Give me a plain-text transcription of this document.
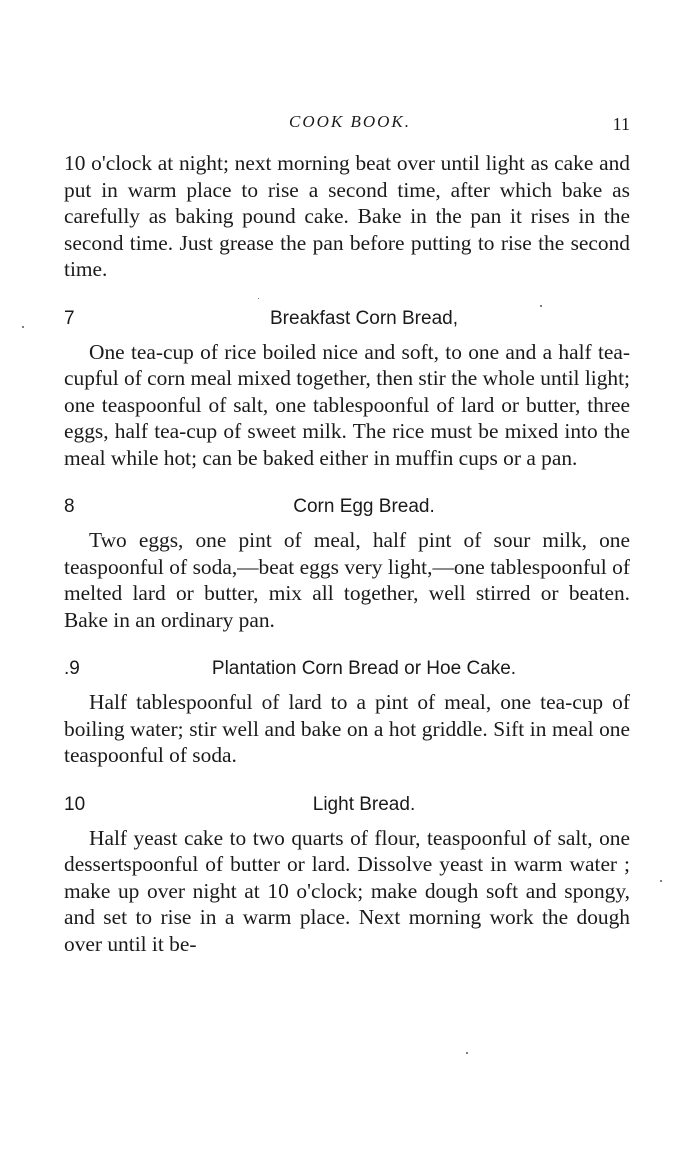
COOK BOOK.	11

10 o'clock at night; next morning beat over until light as cake and put in warm place to rise a second time, after which bake as carefully as baking pound cake. Bake in the pan it rises in the second time. Just grease the pan before putting to rise the second time.

7	Breakfast Corn Bread,

One tea-cup of rice boiled nice and soft, to one and a half tea-cupful of corn meal mixed together, then stir the whole until light; one teaspoonful of salt, one tablespoonful of lard or butter, three eggs, half tea-cup of sweet milk. The rice must be mixed into the meal while hot; can be baked either in muffin cups or a pan.

8	Corn Egg Bread.

Two eggs, one pint of meal, half pint of sour milk, one teaspoonful of soda,—beat eggs very light,—one tablespoonful of melted lard or butter, mix all together, well stirred or beaten. Bake in an ordinary pan.

.9	Plantation Corn Bread or Hoe Cake.

Half tablespoonful of lard to a pint of meal, one tea-cup of boiling water; stir well and bake on a hot griddle. Sift in meal one teaspoonful of soda.

10	Light Bread.

Half yeast cake to two quarts of flour, teaspoonful of salt, one dessertspoonful of butter or lard. Dissolve yeast in warm water ; make up over night at 10 o'clock; make dough soft and spongy, and set to rise in a warm place. Next morning work the dough over until it be-
